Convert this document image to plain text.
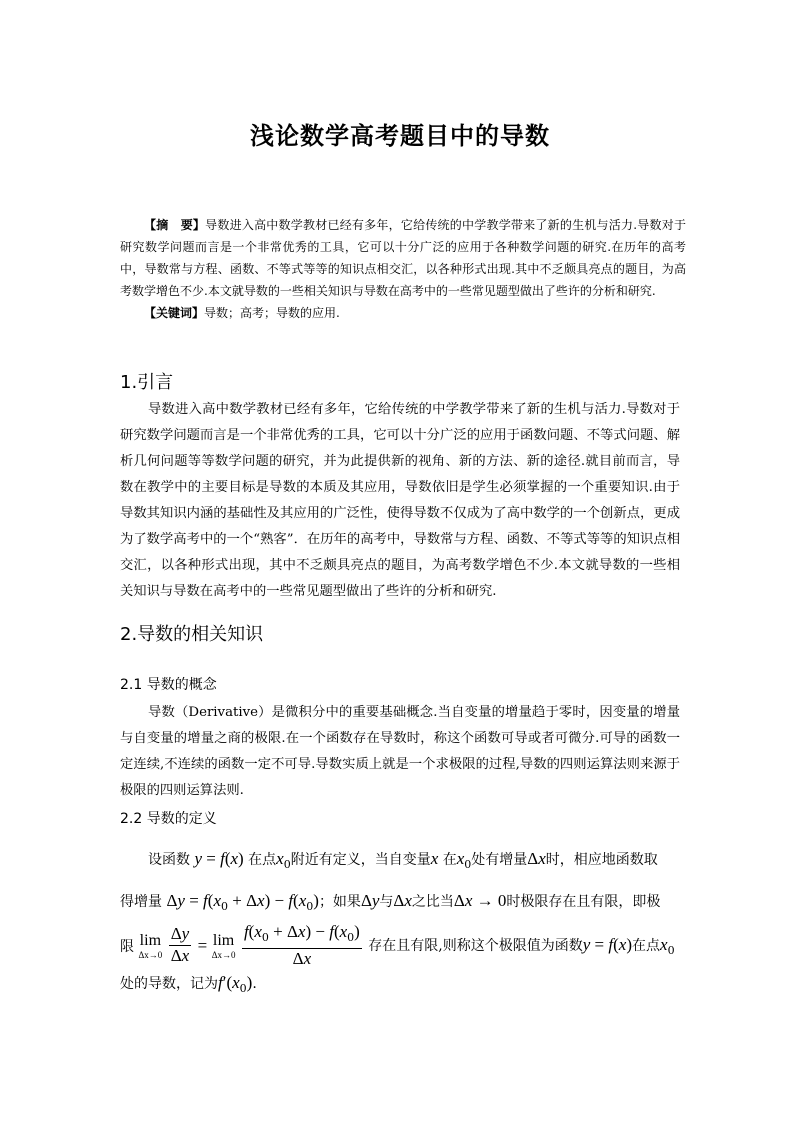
浅论数学高考题目中的导数

【摘　要】导数进入高中数学教材已经有多年，它给传统的中学教学带来了新的生机与活力.导数对于研究数学问题而言是一个非常优秀的工具，它可以十分广泛的应用于各种数学问题的研究.在历年的高考中，导数常与方程、函数、不等式等等的知识点相交汇，以各种形式出现.其中不乏颇具亮点的题目，为高考数学增色不少.本文就导数的一些相关知识与导数在高考中的一些常见题型做出了些许的分析和研究.

【关键词】导数；高考；导数的应用.

1.引言

导数进入高中数学教材已经有多年，它给传统的中学教学带来了新的生机与活力.导数对于研究数学问题而言是一个非常优秀的工具，它可以十分广泛的应用于函数问题、不等式问题、解析几何问题等等数学问题的研究，并为此提供新的视角、新的方法、新的途径.就目前而言，导数在教学中的主要目标是导数的本质及其应用，导数依旧是学生必须掌握的一个重要知识.由于导数其知识内涵的基础性及其应用的广泛性，使得导数不仅成为了高中数学的一个创新点，更成为了数学高考中的一个“熟客”．在历年的高考中，导数常与方程、函数、不等式等等的知识点相交汇，以各种形式出现，其中不乏颇具亮点的题目，为高考数学增色不少.本文就导数的一些相关知识与导数在高考中的一些常见题型做出了些许的分析和研究.

2.导数的相关知识
2.1 导数的概念

导数（Derivative）是微积分中的重要基础概念.当自变量的增量趋于零时，因变量的增量与自变量的增量之商的极限.在一个函数存在导数时，称这个函数可导或者可微分.可导的函数一定连续,不连续的函数一定不可导.导数实质上就是一个求极限的过程,导数的四则运算法则来源于极限的四则运算法则.

2.2 导数的定义
设函数 y = f(x) 在点$x_0$附近有定义，当自变量x 在$x_0$处有增量Δx时，相应地函数取
得增量 $\Delta y = f(x_0 + \Delta x) - f(x_0)$；如果Δy与Δx之比当Δx → 0时极限存在且有限，即极
限 lim
Δx→0
$\frac{\Delta y}{\Delta x} = \lim$
Δx→0
$\frac{f(x_0 + \Delta x) - f(x_0)}{\Delta x}$ 存在且有限,则称这个极限值为函数y = f(x)在点$x_0$
处的导数，记为$f'(x_0)$.
